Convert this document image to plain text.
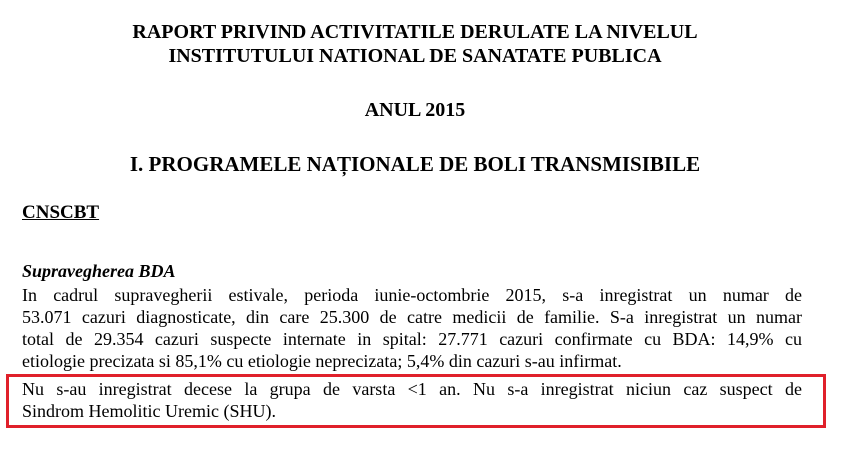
RAPORT PRIVIND ACTIVITATILE DERULATE LA NIVELUL
INSTITUTULUI NATIONAL DE SANATATE PUBLICA
ANUL 2015
I. PROGRAMELE NAȚIONALE DE BOLI TRANSMISIBILE
CNSCBT
Supravegherea BDA
In cadrul supravegherii estivale, perioda iunie-octombrie 2015, s-a inregistrat un numar de
53.071 cazuri diagnosticate, din care 25.300 de catre medicii de familie. S-a inregistrat un numar
total de 29.354 cazuri suspecte internate in spital: 27.771 cazuri confirmate cu BDA: 14,9% cu
etiologie precizata si 85,1% cu etiologie neprecizata; 5,4% din cazuri s-au infirmat.
Nu s-au inregistrat decese la grupa de varsta <1 an. Nu s-a inregistrat niciun caz suspect de
Sindrom Hemolitic Uremic (SHU).
